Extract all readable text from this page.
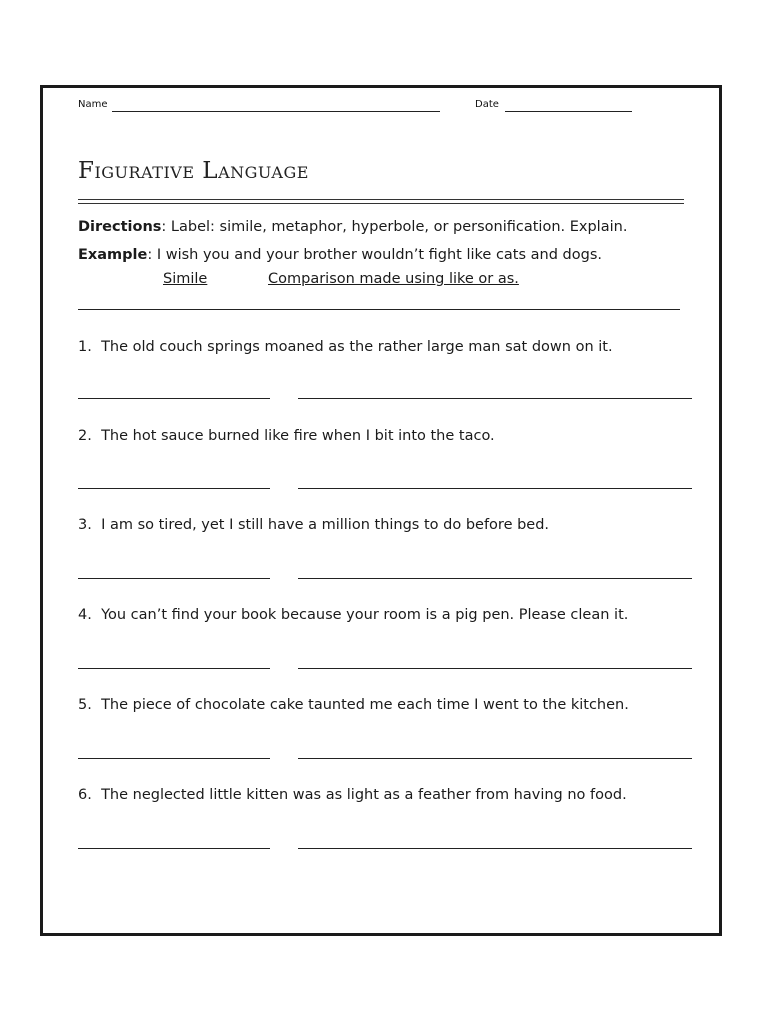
Name	Date
Figurative Language
Directions: Label: simile, metaphor, hyperbole, or personification. Explain.
Example: I wish you and your brother wouldn’t fight like cats and dogs.
Simile	Comparison made using like or as.
1. The old couch springs moaned as the rather large man sat down on it.
2. The hot sauce burned like fire when I bit into the taco.
3. I am so tired, yet I still have a million things to do before bed.
4. You can’t find your book because your room is a pig pen. Please clean it.
5. The piece of chocolate cake taunted me each time I went to the kitchen.
6. The neglected little kitten was as light as a feather from having no food.
